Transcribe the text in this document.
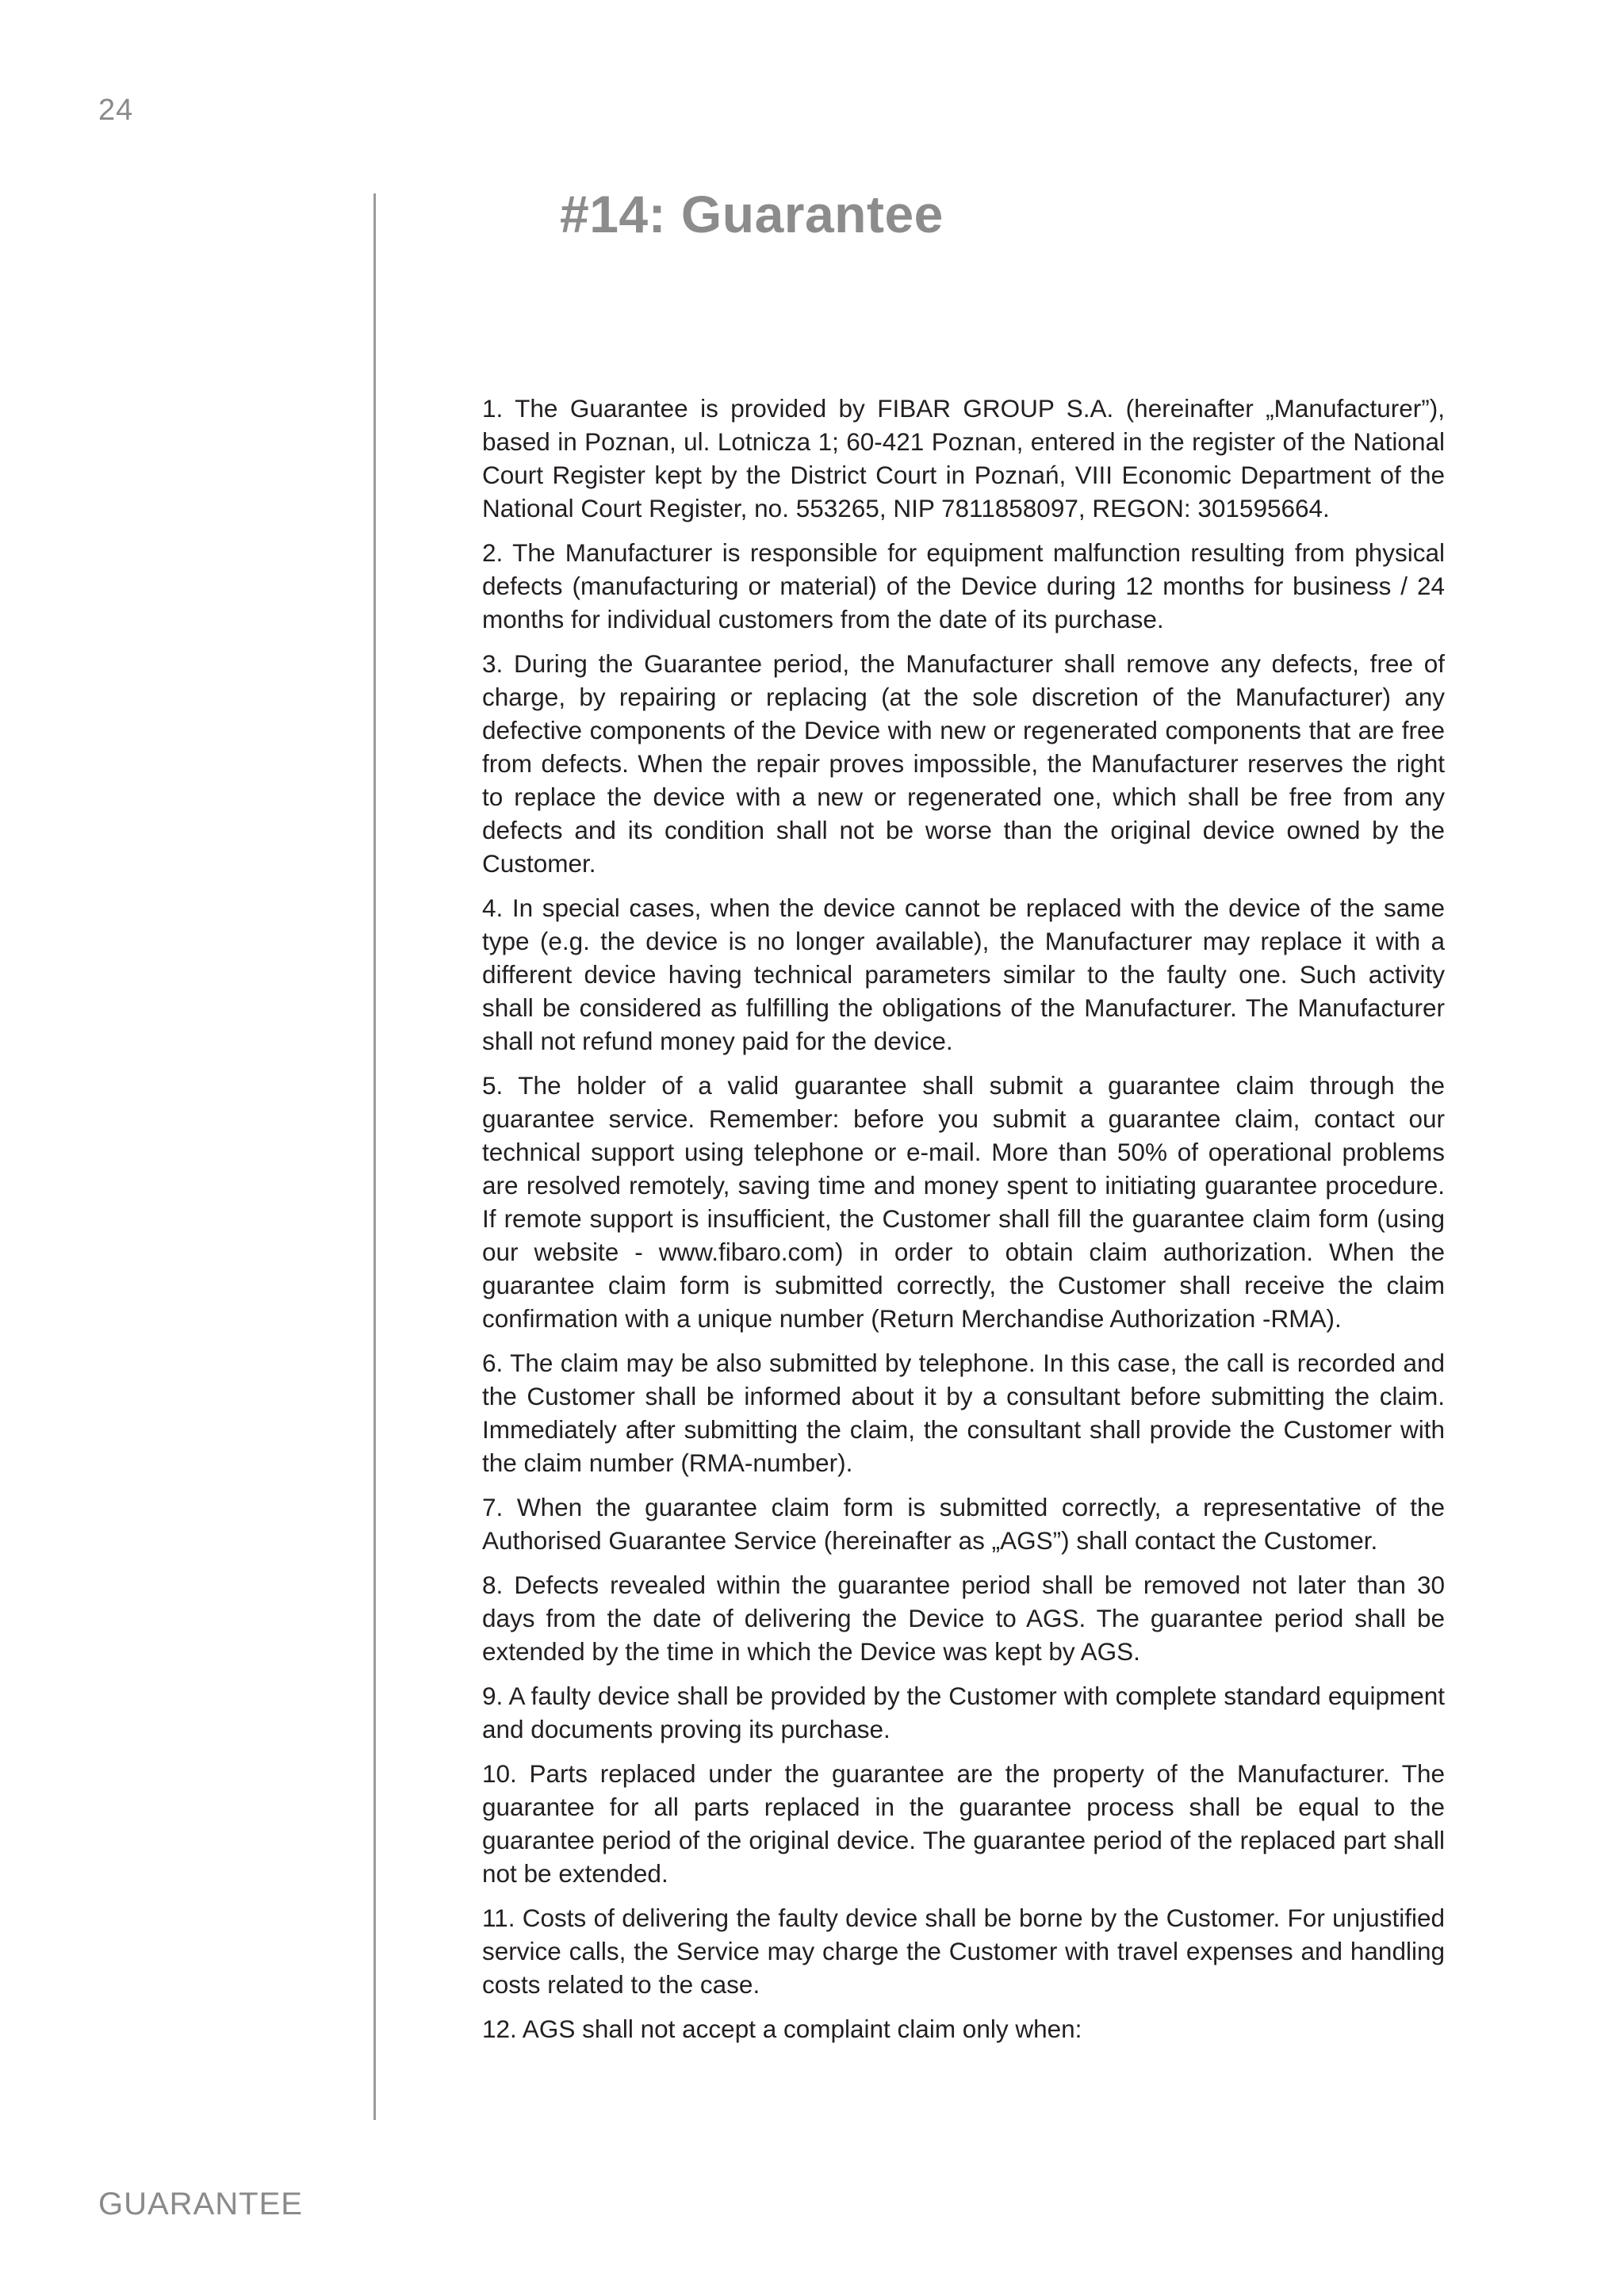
24
#14: Guarantee

1. The Guarantee is provided by FIBAR GROUP S.A. (hereinafter „Manufacturer”), based in Poznan, ul. Lotnicza 1; 60-421 Poznan, entered in the register of the National Court Register kept by the District Court in Poznań, VIII Economic Department of the National Court Register, no. 553265, NIP 7811858097, REGON: 301595664.

2. The Manufacturer is responsible for equipment malfunction resulting from physical defects (manufacturing or material) of the Device during 12 months for business / 24 months for individual customers from the date of its purchase.

3. During the Guarantee period, the Manufacturer shall remove any defects, free of charge, by repairing or replacing (at the sole discretion of the Manufacturer) any defective components of the Device with new or regenerated components that are free from defects. When the repair proves impossible, the Manufacturer reserves the right to replace the device with a new or regenerated one, which shall be free from any defects and its condition shall not be worse than the original device owned by the Customer.

4. In special cases, when the device cannot be replaced with the device of the same type (e.g. the device is no longer available), the Manufacturer may replace it with a different device having technical parameters similar to the faulty one. Such activity shall be considered as fulfilling the obligations of the Manufacturer. The Manufacturer shall not refund money paid for the device.

5. The holder of a valid guarantee shall submit a guarantee claim through the guarantee service. Remember: before you submit a guarantee claim, contact our technical support using telephone or e-mail. More than 50% of operational problems are resolved remotely, saving time and money spent to initiating guarantee procedure. If remote support is insufficient, the Customer shall fill the guarantee claim form (using our website - www.fibaro.com) in order to obtain claim authorization. When the guarantee claim form is submitted correctly, the Customer shall receive the claim confirmation with a unique number (Return Merchandise Authorization -RMA).

6. The claim may be also submitted by telephone. In this case, the call is recorded and the Customer shall be informed about it by a consultant before submitting the claim. Immediately after submitting the claim, the consultant shall provide the Customer with the claim number (RMA-number).

7. When the guarantee claim form is submitted correctly, a representative of the Authorised Guarantee Service (hereinafter as „AGS”) shall contact the Customer.

8. Defects revealed within the guarantee period shall be removed not later than 30 days from the date of delivering the Device to AGS. The guarantee period shall be extended by the time in which the Device was kept by AGS.

9. A faulty device shall be provided by the Customer with complete standard equipment and documents proving its purchase.

10. Parts replaced under the guarantee are the property of the Manufacturer. The guarantee for all parts replaced in the guarantee process shall be equal to the guarantee period of the original device. The guarantee period of the replaced part shall not be extended.

11. Costs of delivering the faulty device shall be borne by the Customer. For unjustified service calls, the Service may charge the Customer with travel expenses and handling costs related to the case.

12. AGS shall not accept a complaint claim only when:

GUARANTEE
